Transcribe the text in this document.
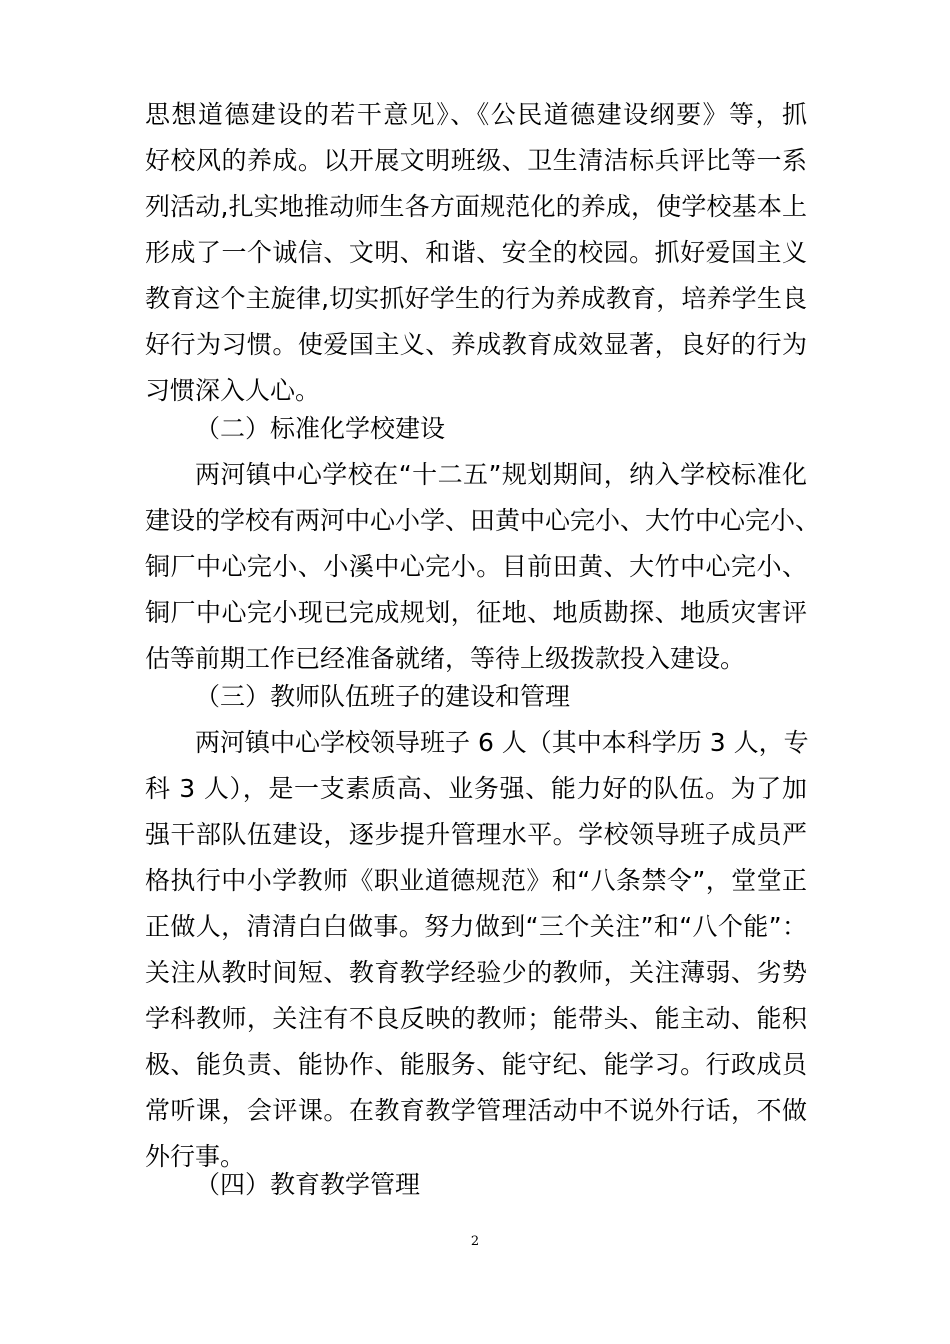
思想道德建设的若干意见》、《公民道德建设纲要》等，抓
好校风的养成。以开展文明班级、卫生清洁标兵评比等一系
列活动,扎实地推动师生各方面规范化的养成，使学校基本上
形成了一个诚信、文明、和谐、安全的校园。抓好爱国主义
教育这个主旋律,切实抓好学生的行为养成教育，培养学生良
好行为习惯。使爱国主义、养成教育成效显著，良好的行为
习惯深入人心。
（二）标准化学校建设
两河镇中心学校在“十二五”规划期间，纳入学校标准化
建设的学校有两河中心小学、田黄中心完小、大竹中心完小、
铜厂中心完小、小溪中心完小。目前田黄、大竹中心完小、
铜厂中心完小现已完成规划，征地、地质勘探、地质灾害评
估等前期工作已经准备就绪，等待上级拨款投入建设。
（三）教师队伍班子的建设和管理
两河镇中心学校领导班子 6 人（其中本科学历 3 人，专
科 3 人），是一支素质高、业务强、能力好的队伍。为了加
强干部队伍建设，逐步提升管理水平。学校领导班子成员严
格执行中小学教师《职业道德规范》和“八条禁令”，堂堂正
正做人，清清白白做事。努力做到“三个关注”和“八个能”：
关注从教时间短、教育教学经验少的教师，关注薄弱、劣势
学科教师，关注有不良反映的教师；能带头、能主动、能积
极、能负责、能协作、能服务、能守纪、能学习。行政成员
常听课，会评课。在教育教学管理活动中不说外行话，不做
外行事。
（四）教育教学管理
2
